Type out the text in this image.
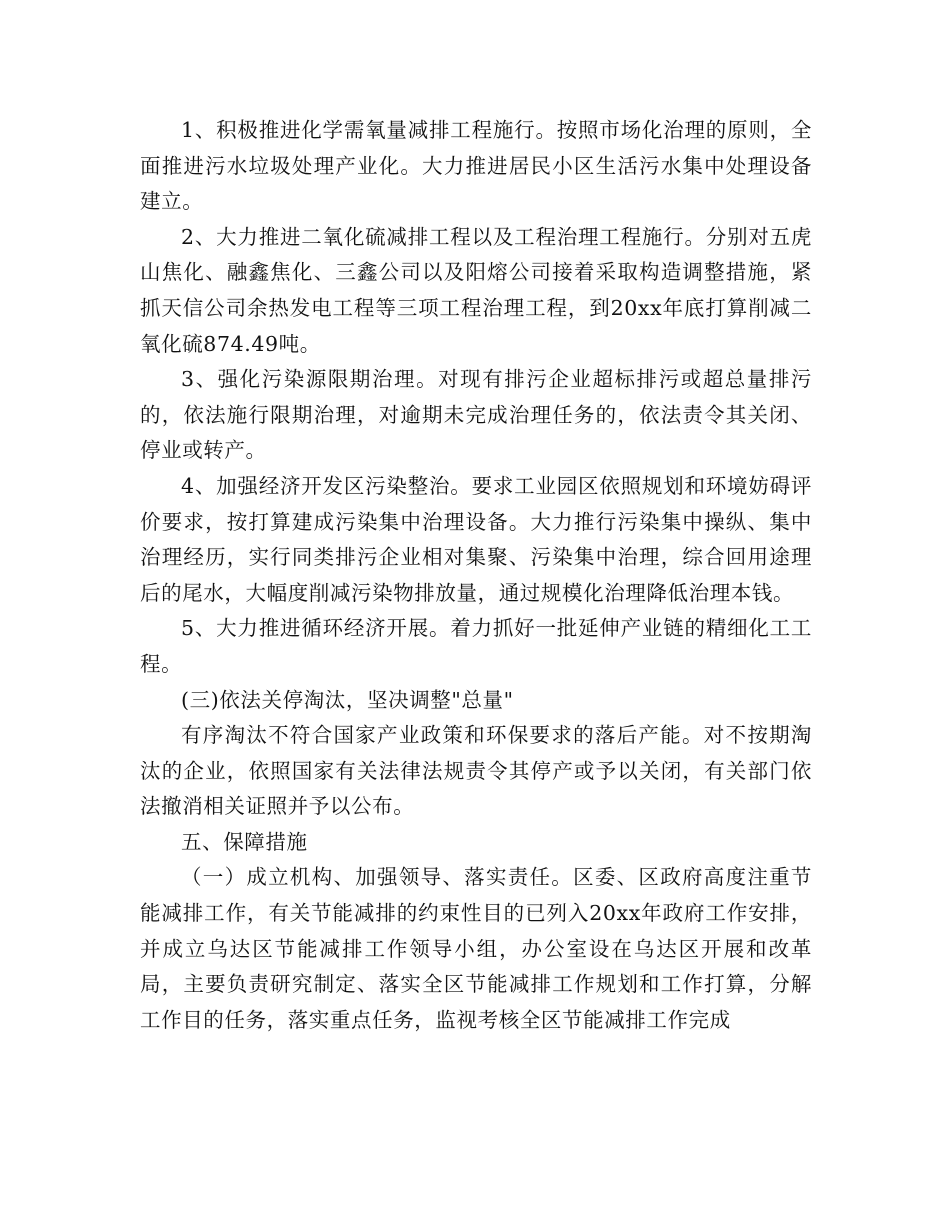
1、积极推进化学需氧量减排工程施行。按照市场化治理的原则，全面推进污水垃圾处理产业化。大力推进居民小区生活污水集中处理设备建立。

2、大力推进二氧化硫减排工程以及工程治理工程施行。分别对五虎山焦化、融鑫焦化、三鑫公司以及阳熔公司接着采取构造调整措施，紧抓天信公司余热发电工程等三项工程治理工程，到20xx年底打算削减二氧化硫874.49吨。

3、强化污染源限期治理。对现有排污企业超标排污或超总量排污的，依法施行限期治理，对逾期未完成治理任务的，依法责令其关闭、停业或转产。

4、加强经济开发区污染整治。要求工业园区依照规划和环境妨碍评价要求，按打算建成污染集中治理设备。大力推行污染集中操纵、集中治理经历，实行同类排污企业相对集聚、污染集中治理，综合回用途理后的尾水，大幅度削减污染物排放量，通过规模化治理降低治理本钱。

5、大力推进循环经济开展。着力抓好一批延伸产业链的精细化工工程。

(三)依法关停淘汰，坚决调整"总量"

有序淘汰不符合国家产业政策和环保要求的落后产能。对不按期淘汰的企业，依照国家有关法律法规责令其停产或予以关闭，有关部门依法撤消相关证照并予以公布。

五、保障措施

（一）成立机构、加强领导、落实责任。区委、区政府高度注重节能减排工作，有关节能减排的约束性目的已列入20xx年政府工作安排，并成立乌达区节能减排工作领导小组，办公室设在乌达区开展和改革局，主要负责研究制定、落实全区节能减排工作规划和工作打算，分解工作目的任务，落实重点任务，监视考核全区节能减排工作完成
